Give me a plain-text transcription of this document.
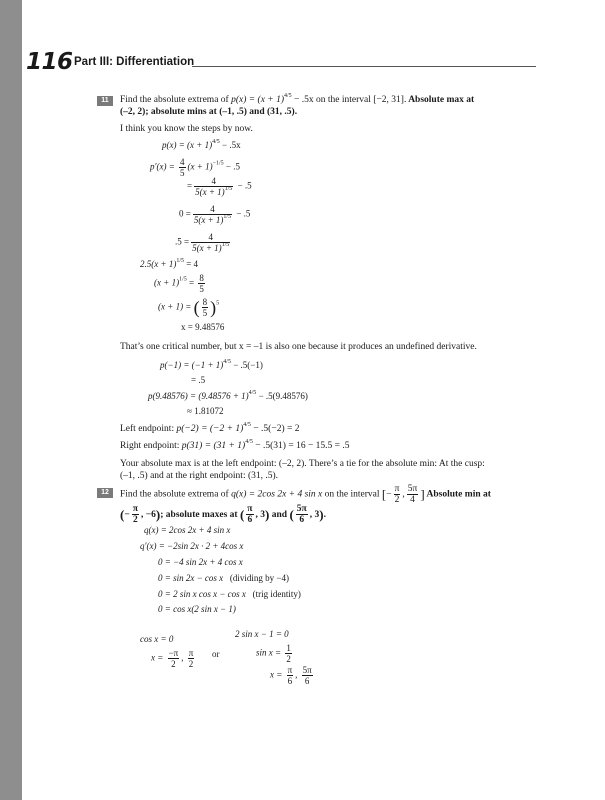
116 Part III: Differentiation
11	Find the absolute extrema of $p(x) = (x + 1)^{4/5} - .5x$ on the interval [−2, 31]. Absolute max at
(–2, 2); absolute mins at (–1, .5) and (31, .5).
I think you know the steps by now.
$p(x) = (x + 1)^{4/5} - .5x$
$p'(x) = \frac{4}{5} (x + 1)^{-1/5} - .5$
= $\frac{4}{5(x + 1)^{1/5}} - .5$
$0 = \frac{4}{5(x + 1)^{1/5}} - .5$
$.5 = \frac{4}{5(x + 1)^{1/5}}$
$2.5(x + 1)^{1/5} = 4$
$(x + 1)^{1/5} = \frac{8}{5}$
(x + 1) = ( $\frac{8}{5} )^5$
x = 9.48576
That’s one critical number, but x = –1 is also one because it produces an undefined derivative.
$p(-1) = (-1 + 1)^{4/5} - .5(-1)$
= .5
$p(9.48576) = (9.48576 + 1)^{4/5} - .5(9.48576)$
≈ 1.81072
Left endpoint: $p(-2) = (-2 + 1)^{4/5} - .5(-2) = 2$
Right endpoint: $p(31) = (31 + 1)^{4/5} - .5(31) = 16 - 15.5 = .5$
Your absolute max is at the left endpoint: (–2, 2). There’s a tie for the absolute min: At the cusp:
(–1, .5) and at the right endpoint: (31, .5).
12	Find the absolute extrema of q(x) = 2cos 2x + 4 sin x on the interval [− $\frac{\pi}{2}$ , $\frac{5\pi}{4}$ ] Absolute min at
(− $\frac{\pi}{2}$ , −6); absolute maxes at ( $\frac{\pi}{6}$ , 3) and ( $\frac{5\pi}{6}$ , 3).
q(x) = 2cos 2x + 4 sin x
q′(x) = −2sin 2x · 2 + 4cos x
0 = −4 sin 2x + 4 cos x
0 = sin 2x − cos x (dividing by −4)
0 = 2 sin x cos x − cos x (trig identity)
0 = cos x(2 sin x − 1)
2 sin x − 1 = 0
cos x = 0
$\sin x = \frac{1}{2}$
or
$x = \frac{-\pi}{2}$ , $\frac{\pi}{2}$
$x = \frac{\pi}{6}$ , $\frac{5\pi}{6}$
